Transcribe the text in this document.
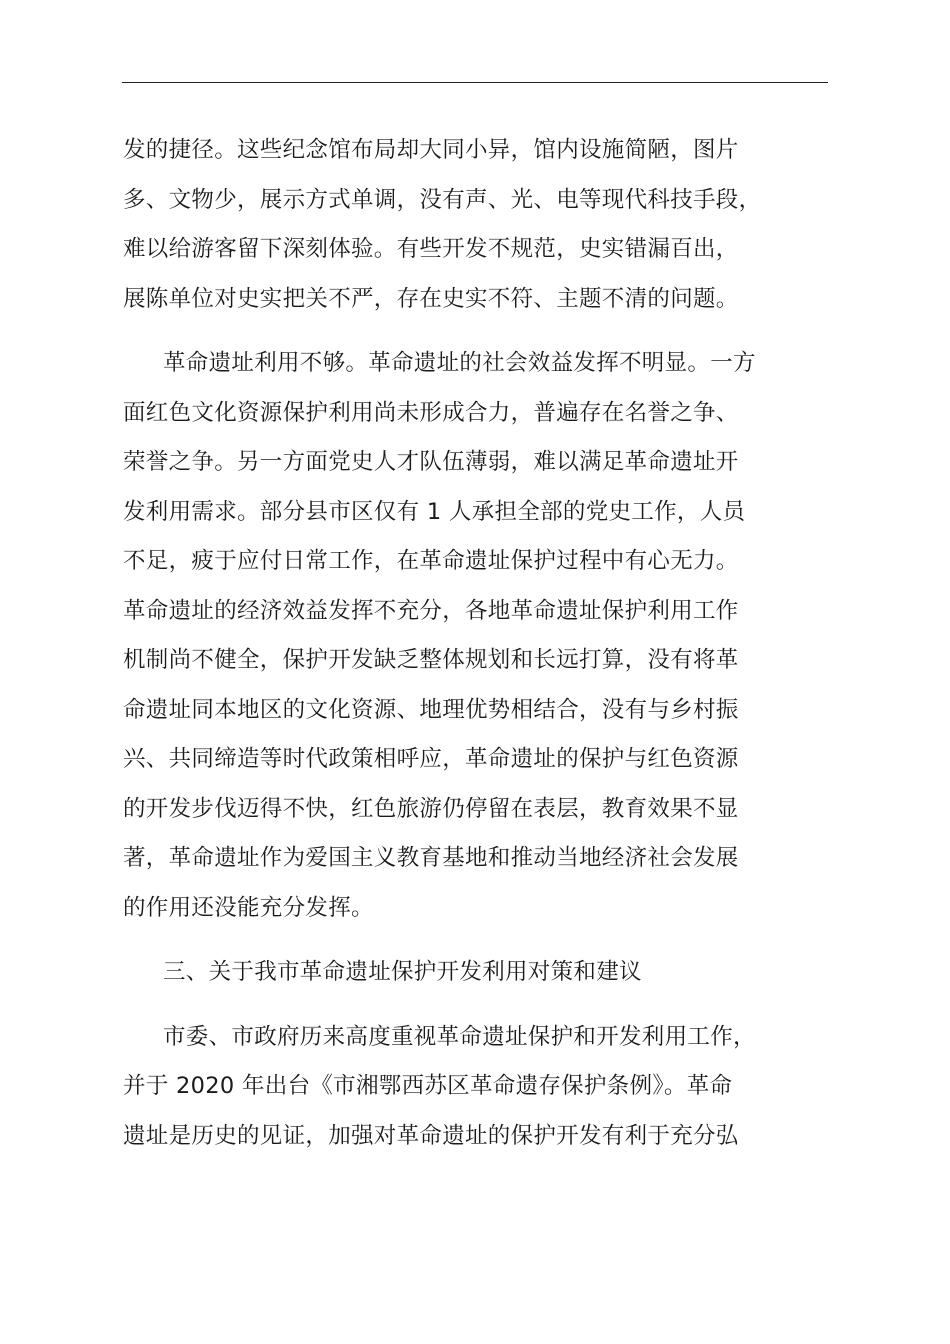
发的捷径。这些纪念馆布局却大同小异，馆内设施简陋，图片
多、文物少，展示方式单调，没有声、光、电等现代科技手段，
难以给游客留下深刻体验。有些开发不规范，史实错漏百出，
展陈单位对史实把关不严，存在史实不符、主题不清的问题。
革命遗址利用不够。革命遗址的社会效益发挥不明显。一方
面红色文化资源保护利用尚未形成合力，普遍存在名誉之争、
荣誉之争。另一方面党史人才队伍薄弱，难以满足革命遗址开
发利用需求。部分县市区仅有 1 人承担全部的党史工作，人员
不足，疲于应付日常工作，在革命遗址保护过程中有心无力。
革命遗址的经济效益发挥不充分，各地革命遗址保护利用工作
机制尚不健全，保护开发缺乏整体规划和长远打算，没有将革
命遗址同本地区的文化资源、地理优势相结合，没有与乡村振
兴、共同缔造等时代政策相呼应，革命遗址的保护与红色资源
的开发步伐迈得不快，红色旅游仍停留在表层，教育效果不显
著，革命遗址作为爱国主义教育基地和推动当地经济社会发展
的作用还没能充分发挥。
三、关于我市革命遗址保护开发利用对策和建议
市委、市政府历来高度重视革命遗址保护和开发利用工作，
并于 2020 年出台《市湘鄂西苏区革命遗存保护条例》。革命
遗址是历史的见证，加强对革命遗址的保护开发有利于充分弘
